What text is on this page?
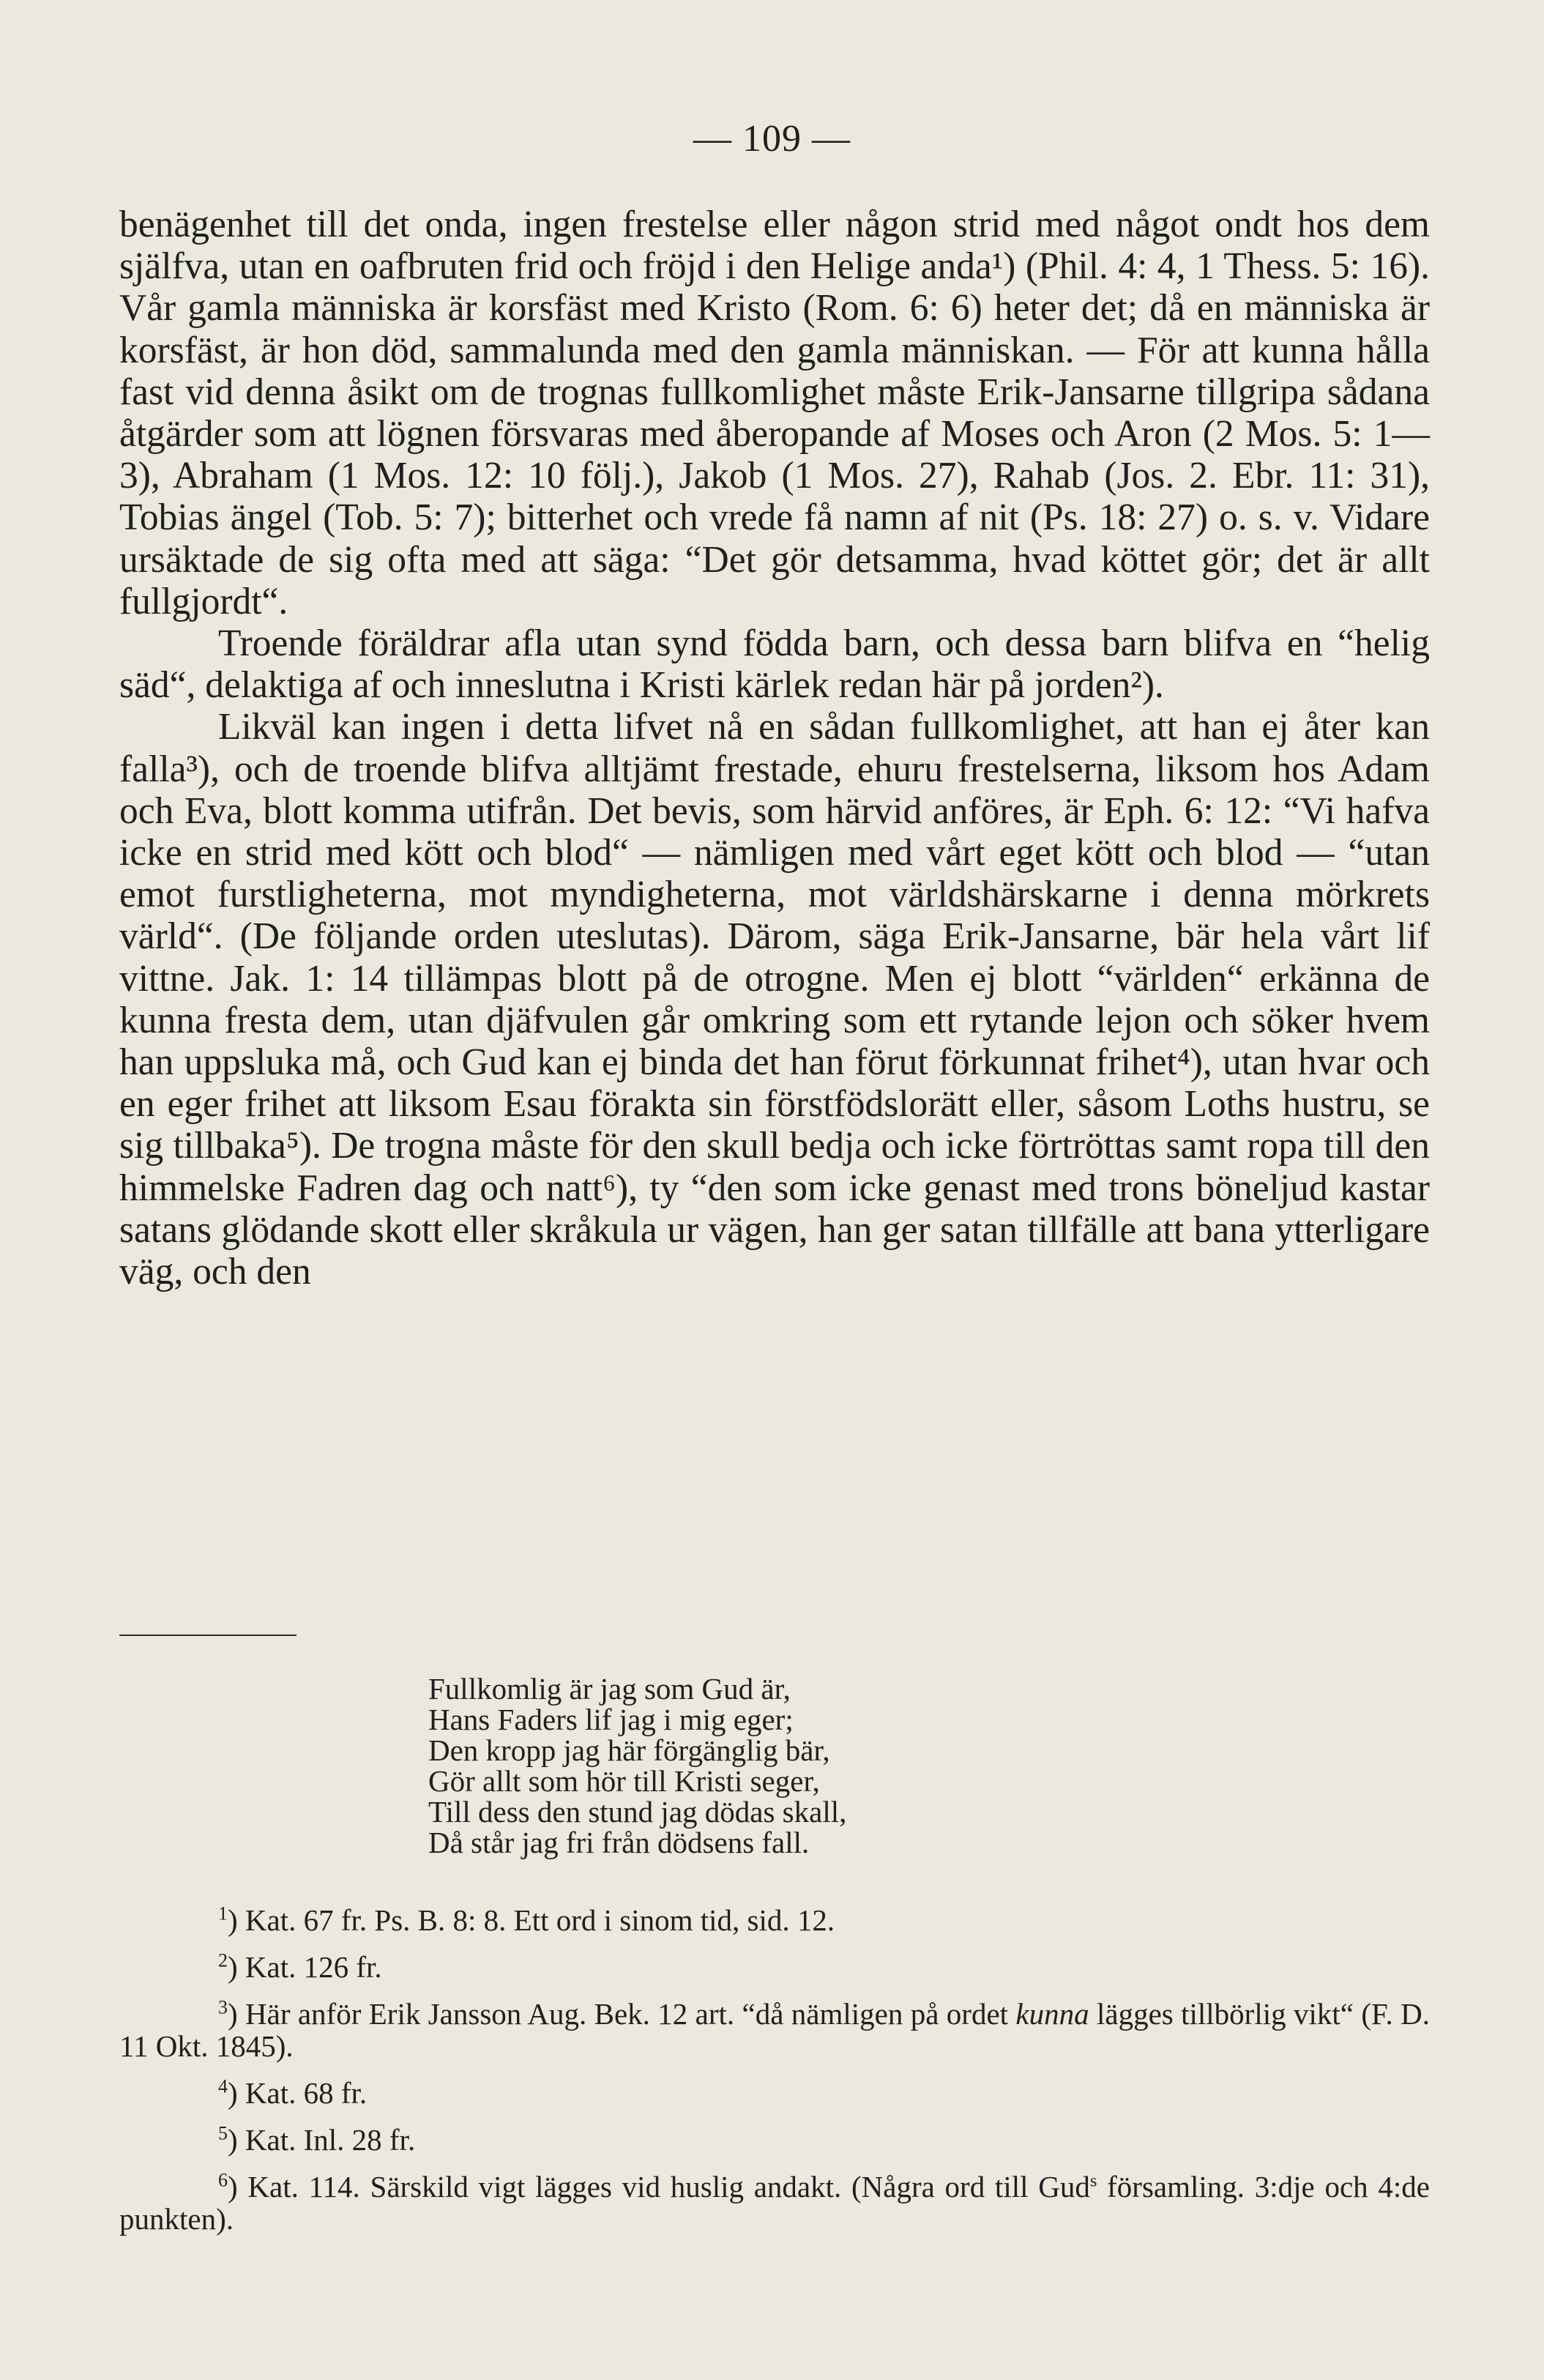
— 109 —

benägenhet till det onda, ingen frestelse eller någon strid med något ondt hos dem själfva, utan en oafbruten frid och fröjd i den Helige anda¹) (Phil. 4: 4, 1 Thess. 5: 16). Vår gamla människa är korsfäst med Kristo (Rom. 6: 6) heter det; då en människa är korsfäst, är hon död, sammalunda med den gamla människan. — För att kunna hålla fast vid denna åsikt om de trognas fullkomlighet måste Erik-Jansarne tillgripa sådana åtgärder som att lögnen försvaras med åberopande af Moses och Aron (2 Mos. 5: 1—3), Abraham (1 Mos. 12: 10 följ.), Jakob (1 Mos. 27), Rahab (Jos. 2. Ebr. 11: 31), Tobias ängel (Tob. 5: 7); bitterhet och vrede få namn af nit (Ps. 18: 27) o. s. v. Vidare ursäktade de sig ofta med att säga: “Det gör detsamma, hvad köttet gör; det är allt fullgjordt“.

Troende föräldrar afla utan synd födda barn, och dessa barn blifva en “helig säd“, delaktiga af och inneslutna i Kristi kärlek redan här på jorden²).

Likväl kan ingen i detta lifvet nå en sådan fullkomlighet, att han ej åter kan falla³), och de troende blifva alltjämt frestade, ehuru frestelserna, liksom hos Adam och Eva, blott komma utifrån. Det bevis, som härvid anföres, är Eph. 6: 12: “Vi hafva icke en strid med kött och blod“ — nämligen med vårt eget kött och blod — “utan emot furstligheterna, mot myndigheterna, mot världshärskarne i denna mörkrets värld“. (De följande orden uteslutas). Därom, säga Erik-Jansarne, bär hela vårt lif vittne. Jak. 1: 14 tillämpas blott på de otrogne. Men ej blott “världen“ erkänna de kunna fresta dem, utan djäfvulen går omkring som ett rytande lejon och söker hvem han uppsluka må, och Gud kan ej binda det han förut förkunnat frihet⁴), utan hvar och en eger frihet att liksom Esau förakta sin förstfödslorätt eller, såsom Loths hustru, se sig tillbaka⁵). De trogna måste för den skull bedja och icke förtröttas samt ropa till den himmelske Fadren dag och natt⁶), ty “den som icke genast med trons böneljud kastar satans glödande skott eller skråkula ur vägen, han ger satan tillfälle att bana ytterligare väg, och den

Fullkomlig är jag som Gud är,
Hans Faders lif jag i mig eger;
Den kropp jag här förgänglig bär,
Gör allt som hör till Kristi seger,
Till dess den stund jag dödas skall,
Då står jag fri från dödsens fall.

$^1$) Kat. 67 fr. Ps. B. 8: 8. Ett ord i sinom tid, sid. 12.

$^2$) Kat. 126 fr.

$^3$) Här anför Erik Jansson Aug. Bek. 12 art. “då nämligen på ordet kunna lägges tillbörlig vikt“ (F. D. 11 Okt. 1845).

$^4$) Kat. 68 fr.

$^5$) Kat. Inl. 28 fr.

$^6$) Kat. 114. Särskild vigt lägges vid huslig andakt. (Några ord till Gud$^s$ församling. 3:dje och 4:de punkten).
